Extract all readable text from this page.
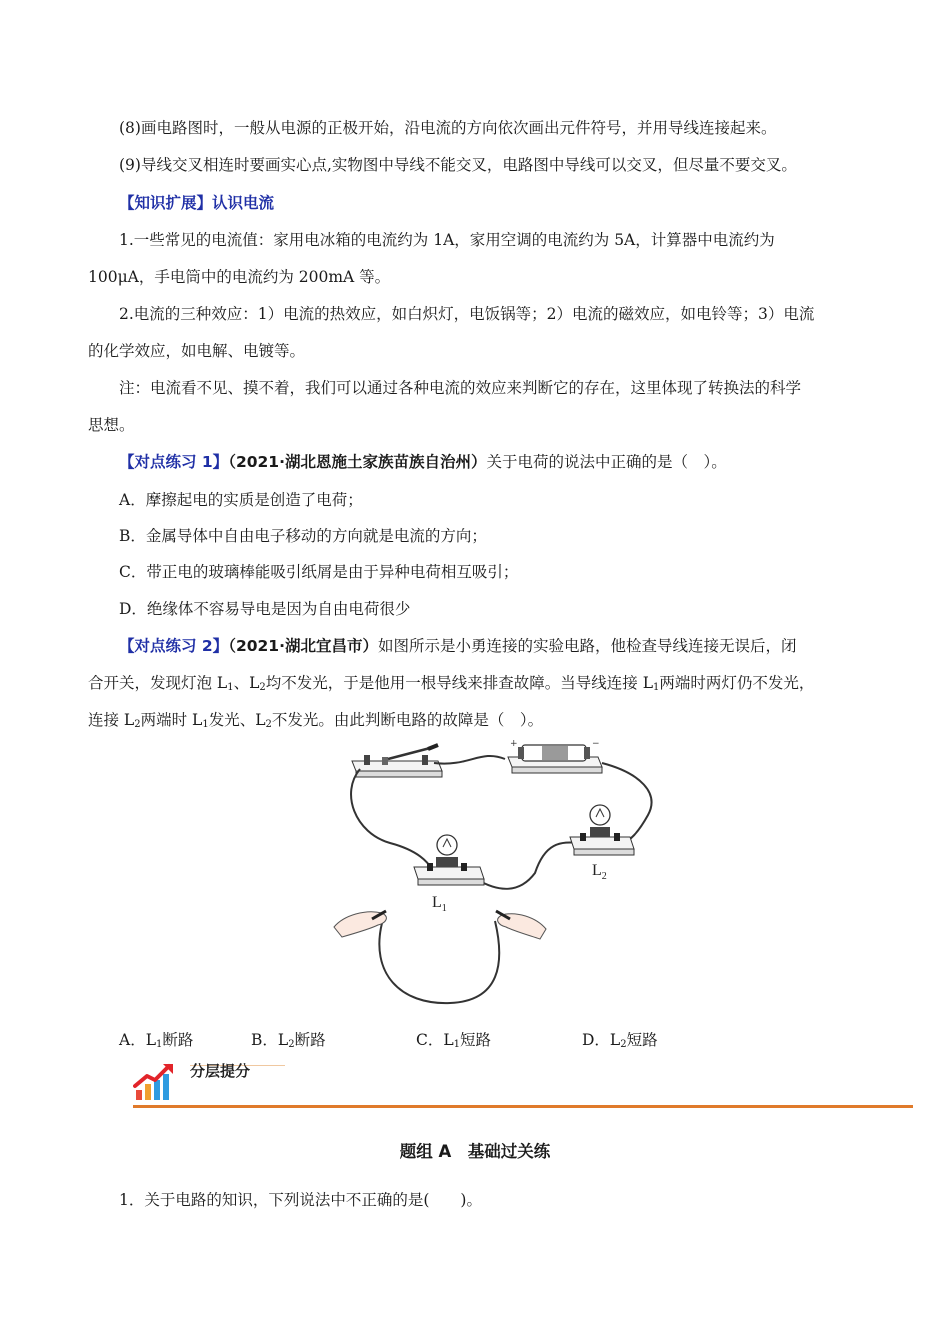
(8)画电路图时，一般从电源的正极开始，沿电流的方向依次画出元件符号，并用导线连接起来。
(9)导线交叉相连时要画实心点,实物图中导线不能交叉，电路图中导线可以交叉，但尽量不要交叉。
【知识扩展】认识电流
1.一些常见的电流值：家用电冰箱的电流约为 1A，家用空调的电流约为 5A，计算器中电流约为
100μA，手电筒中的电流约为 200mA 等。
2.电流的三种效应：1）电流的热效应，如白炽灯，电饭锅等；2）电流的磁效应，如电铃等；3）电流
的化学效应，如电解、电镀等。
注：电流看不见、摸不着，我们可以通过各种电流的效应来判断它的存在，这里体现了转换法的科学
思想。
【对点练习 1】（2021·湖北恩施土家族苗族自治州）关于电荷的说法中正确的是（　）。
A．摩擦起电的实质是创造了电荷；
B．金属导体中自由电子移动的方向就是电流的方向；
C．带正电的玻璃棒能吸引纸屑是由于异种电荷相互吸引；
D．绝缘体不容易导电是因为自由电荷很少
【对点练习 2】（2021·湖北宜昌市）如图所示是小勇连接的实验电路，他检查导线连接无误后，闭
合开关，发现灯泡 $L_1$、$L_2$均不发光，于是他用一根导线来排查故障。当导线连接 $L_1$两端时两灯仍不发光，
连接 $L_2$两端时 $L_1$发光、$L_2$不发光。由此判断电路的故障是（　）。
+	−
$L_1$
$L_2$
A．$L_1$断路	B．$L_2$断路	C．$L_1$短路	D．$L_2$短路
分层提分
题组 A　基础过关练
1．关于电路的知识，下列说法中不正确的是(　　)。
